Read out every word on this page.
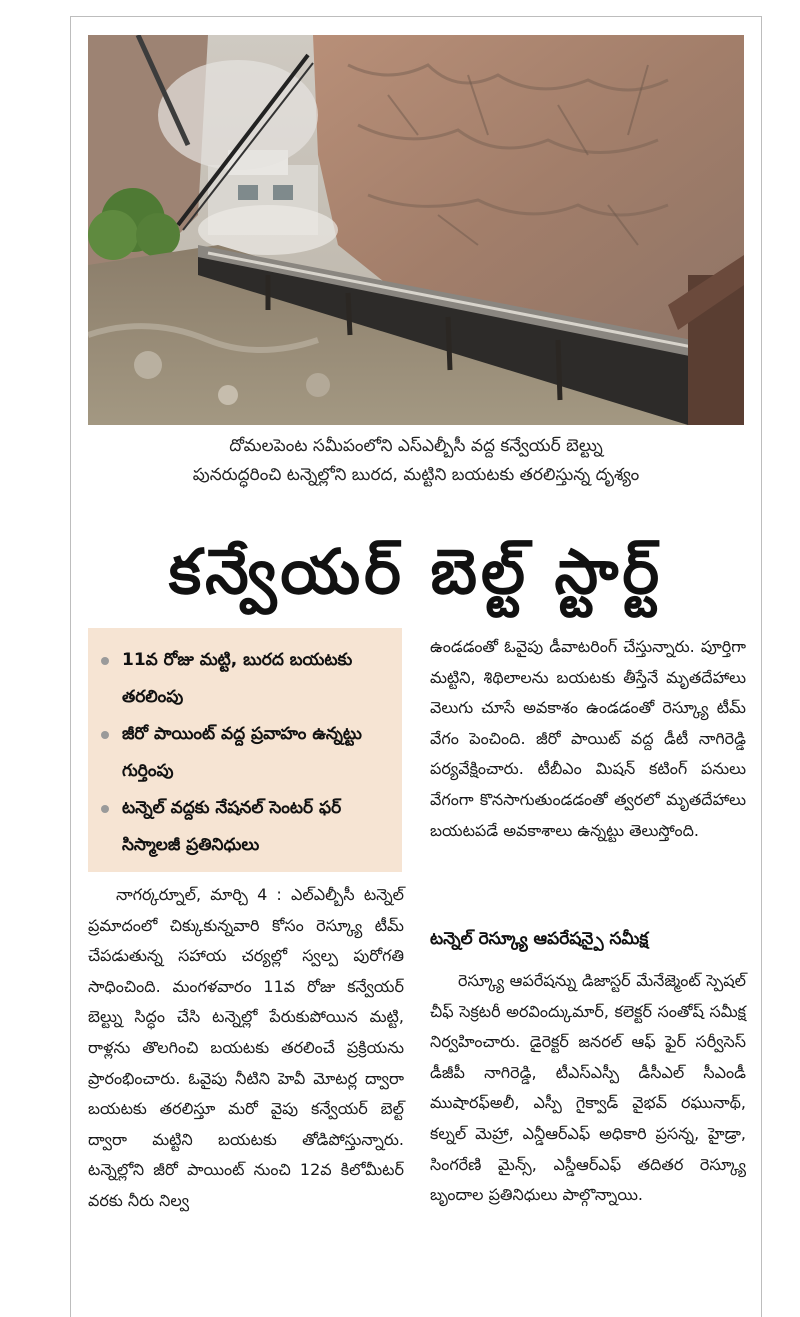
దోమలపెంట సమీపంలోని ఎస్ఎల్బీసీ వద్ద కన్వేయర్ బెల్ట్ను
పునరుద్ధరించి టన్నెల్లోని బురద, మట్టిని బయటకు తరలిస్తున్న దృశ్యం
కన్వేయర్ బెల్ట్ స్టార్ట్
11వ రోజు మట్టి, బురద బయటకు తరలింపు
జీరో పాయింట్ వద్ద ప్రవాహం ఉన్నట్టు గుర్తింపు
టన్నెల్ వద్దకు నేషనల్ సెంటర్ ఫర్ సిస్మాలజీ ప్రతినిధులు

నాగర్కర్నూల్, మార్చి 4 : ఎల్ఎల్బీసీ టన్నెల్ ప్రమాదంలో చిక్కుకున్నవారి కోసం రెస్క్యూ టీమ్ చేపడుతున్న సహాయ చర్యల్లో స్వల్ప పురోగతి సాధించింది. మంగళవారం 11వ రోజు కన్వేయర్ బెల్ట్ను సిద్ధం చేసి టన్నెల్లో పేరుకుపోయిన మట్టి, రాళ్లను తొలగించి బయటకు తరలించే ప్రక్రియను ప్రారంభించారు. ఓవైపు నీటిని హెవీ మోటర్ల ద్వారా బయటకు తరలిస్తూ మరో వైపు కన్వేయర్ బెల్ట్ ద్వారా మట్టిని బయటకు తోడిపోస్తున్నారు. టన్నెల్లోని జీరో పాయింట్ నుంచి 12వ కిలోమీటర్ వరకు నీరు నిల్వ

ఉండడంతో ఓవైపు డీవాటరింగ్ చేస్తున్నారు. పూర్తిగా మట్టిని, శిథిలాలను బయటకు తీస్తేనే మృతదేహాలు వెలుగు చూసే అవకాశం ఉండడంతో రెస్క్యూ టీమ్ వేగం పెంచింది. జీరో పాయిట్ వద్ద డీటీ నాగిరెడ్డి పర్యవేక్షించారు. టీబీఎం మిషన్ కటింగ్ పనులు వేగంగా కొనసాగుతుండడంతో త్వరలో మృతదేహాలు బయటపడే అవకాశాలు ఉన్నట్టు తెలుస్తోంది.

టన్నెల్ రెస్క్యూ ఆపరేషన్పై సమీక్ష

రెస్క్యూ ఆపరేషన్ను డిజాస్టర్ మేనేజ్మెంట్ స్పెషల్ చీఫ్ సెక్రటరీ అరవింద్కుమార్, కలెక్టర్ సంతోష్ సమీక్ష నిర్వహించారు. డైరెక్టర్ జనరల్ ఆఫ్ ఫైర్ సర్వీసెస్ డీజీపీ నాగిరెడ్డి, టీఎస్ఎస్పీ డీసీఎల్ సీఎండీ ముషారఫ్అలీ, ఎస్పీ గైక్వాడ్ వైభవ్ రఘునాథ్, కల్నల్ మెహ్రా, ఎన్డీఆర్ఎఫ్ అధికారి ప్రసన్న, హైడ్రా, సింగరేణి మైన్స్, ఎస్డీఆర్ఎఫ్ తదితర రెస్క్యూ బృందాల ప్రతినిధులు పాల్గొన్నాయి.
